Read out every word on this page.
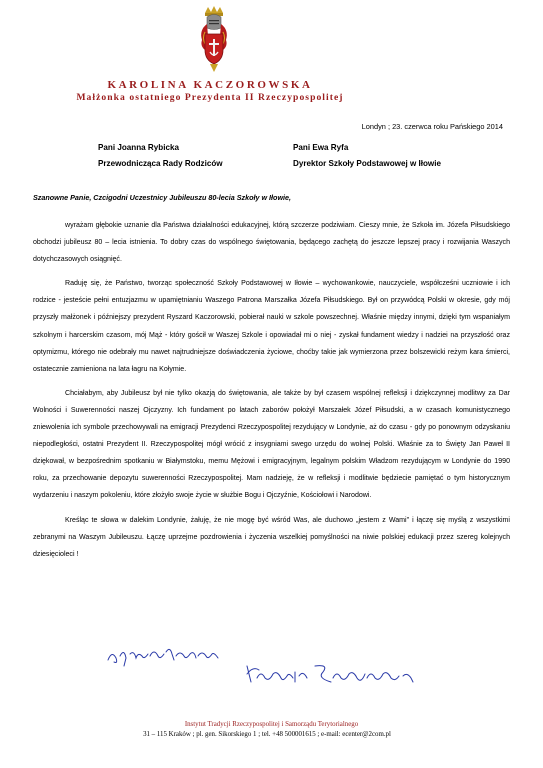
KAROLINA KACZOROWSKA
Małżonka ostatniego Prezydenta II Rzeczypospolitej
Londyn ; 23. czerwca roku Pańskiego 2014
Pani Joanna Rybicka
Przewodnicząca Rady Rodziców
Pani Ewa Ryfa
Dyrektor Szkoły Podstawowej w Iłowie
Szanowne Panie, Czcigodni Uczestnicy Jubileuszu 80-lecia Szkoły w Iłowie,

wyrażam głębokie uznanie dla Państwa działalności edukacyjnej, którą szczerze podziwiam. Cieszy mnie, że Szkoła im. Józefa Piłsudskiego obchodzi jubileusz 80 – lecia istnienia. To dobry czas do wspólnego świętowania, będącego zachętą do jeszcze lepszej pracy i rozwijania Waszych dotychczasowych osiągnięć.

Raduję się, że Państwo, tworząc społeczność Szkoły Podstawowej w Iłowie – wychowankowie, nauczyciele, współcześni uczniowie i ich rodzice - jesteście pełni entuzjazmu w upamiętnianiu Waszego Patrona Marszałka Józefa Piłsudskiego. Był on przywódcą Polski w okresie, gdy mój przyszły małżonek i późniejszy prezydent Ryszard Kaczorowski, pobierał nauki w szkole powszechnej. Właśnie między innymi, dzięki tym wspaniałym szkolnym i harcerskim czasom, mój Mąż - który gościł w Waszej Szkole i opowiadał mi o niej - zyskał fundament wiedzy i nadziei na przyszłość oraz optymizmu, którego nie odebrały mu nawet najtrudniejsze doświadczenia życiowe, choćby takie jak wymierzona przez bolszewicki reżym kara śmierci, ostatecznie zamieniona na lata łagru na Kołymie.

Chciałabym, aby Jubileusz był nie tylko okazją do świętowania, ale także by był czasem wspólnej refleksji i dziękczynnej modlitwy za Dar Wolności i Suwerenności naszej Ojczyzny. Ich fundament po latach zaborów położył Marszałek Józef Piłsudski, a w czasach komunistycznego zniewolenia ich symbole przechowywali na emigracji Prezydenci Rzeczypospolitej rezydujący w Londynie, aż do czasu - gdy po ponownym odzyskaniu niepodległości, ostatni Prezydent II. Rzeczypospolitej mógł wrócić z insygniami swego urzędu do wolnej Polski. Właśnie za to Święty Jan Paweł II dziękował, w bezpośrednim spotkaniu w Białymstoku, memu Mężowi i emigracyjnym, legalnym polskim Władzom rezydującym w Londynie do 1990 roku, za przechowanie depozytu suwerenności Rzeczypospolitej. Mam nadzieję, że w refleksji i modlitwie będziecie pamiętać o tym historycznym wydarzeniu i naszym pokoleniu, które złożyło swoje życie w służbie Bogu i Ojczyźnie, Kościołowi i Narodowi.

Kreśląc te słowa w dalekim Londynie, żałuję, że nie mogę być wśród Was, ale duchowo „jestem z Wami" i łączę się myślą z wszystkimi zebranymi na Waszym Jubileuszu. Łączę uprzejme pozdrowienia i życzenia wszelkiej pomyślności na niwie polskiej edukacji przez szereg kolejnych dziesięcioleci !

Instytut Tradycji Rzeczypospolitej i Samorządu Terytorialnego
31 – 115 Kraków ; pl. gen. Sikorskiego 1 ; tel. +48 500001615 ; e-mail: ecenter@2com.pl
